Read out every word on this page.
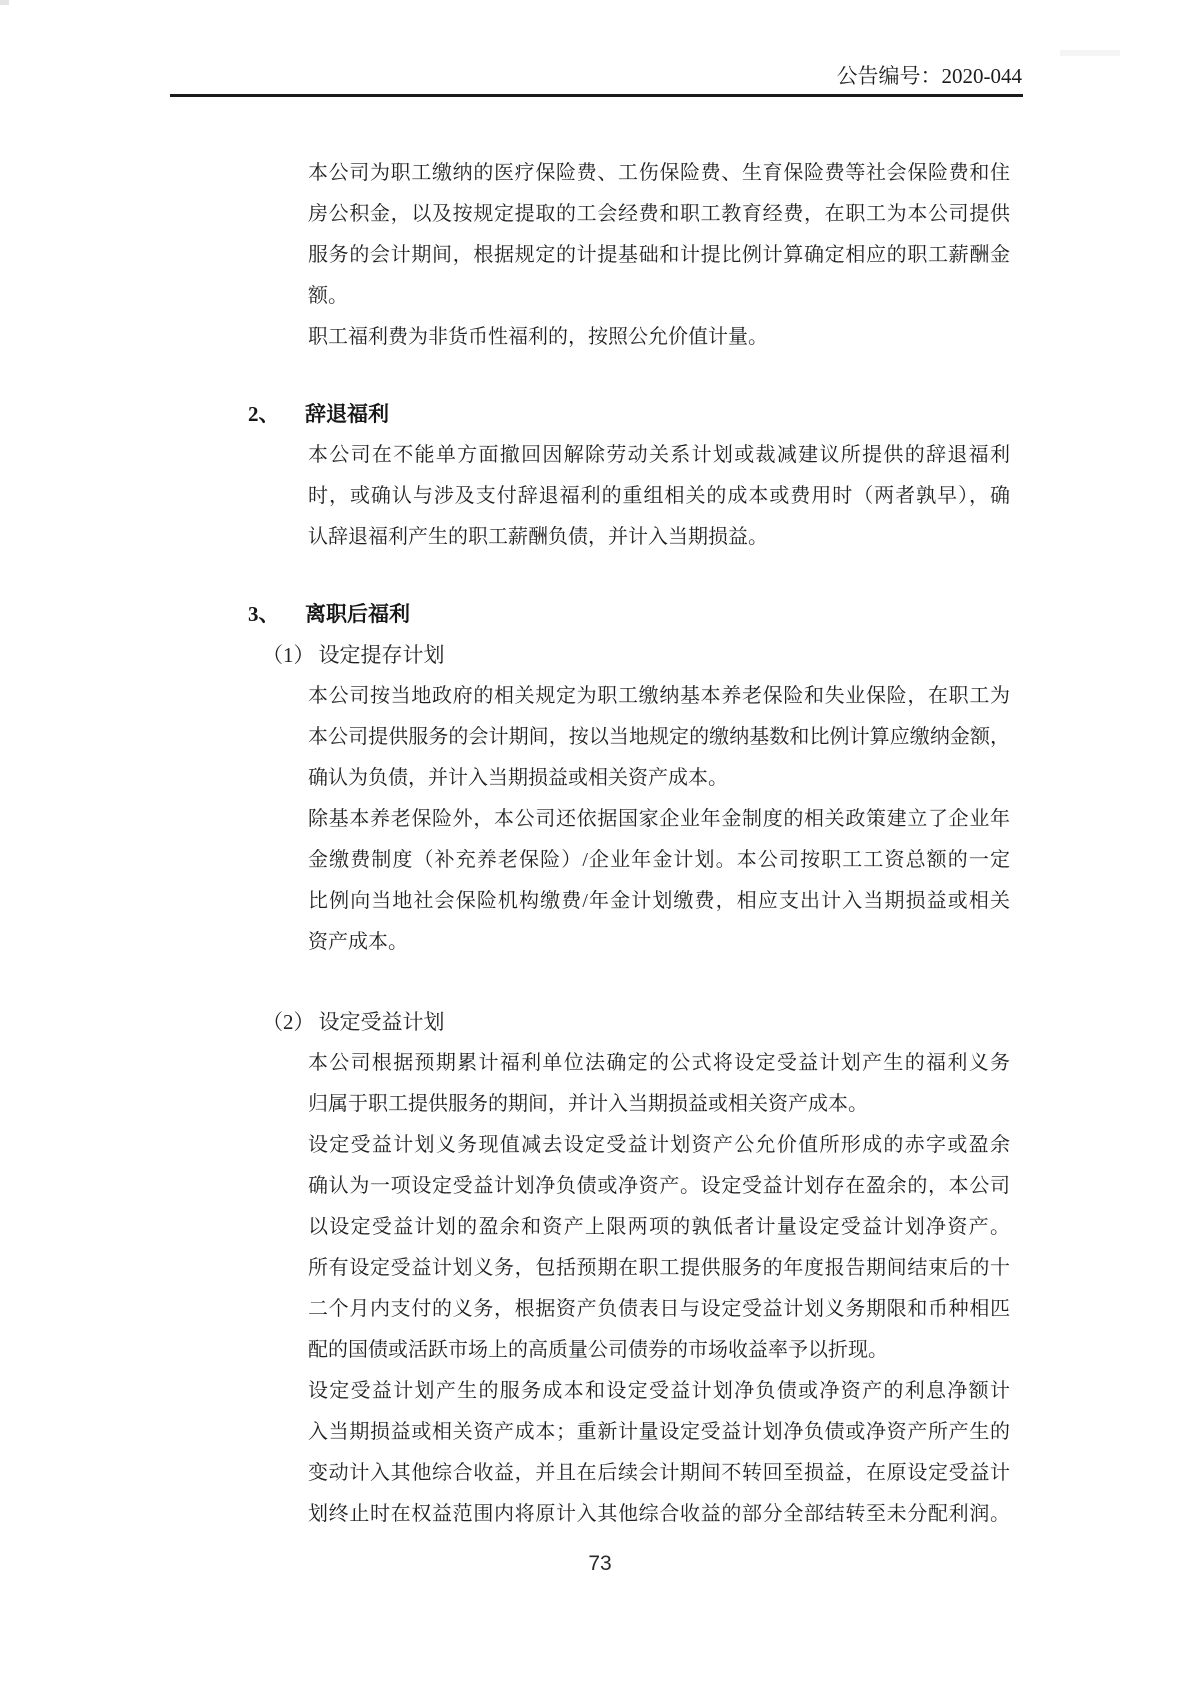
公告编号：2020-044
本公司为职工缴纳的医疗保险费、工伤保险费、生育保险费等社会保险费和住
房公积金，以及按规定提取的工会经费和职工教育经费，在职工为本公司提供
服务的会计期间，根据规定的计提基础和计提比例计算确定相应的职工薪酬金
额。
职工福利费为非货币性福利的，按照公允价值计量。
2、	辞退福利
本公司在不能单方面撤回因解除劳动关系计划或裁减建议所提供的辞退福利
时，或确认与涉及支付辞退福利的重组相关的成本或费用时（两者孰早），确
认辞退福利产生的职工薪酬负债，并计入当期损益。
3、	离职后福利
（1） 设定提存计划
本公司按当地政府的相关规定为职工缴纳基本养老保险和失业保险，在职工为
本公司提供服务的会计期间，按以当地规定的缴纳基数和比例计算应缴纳金额，
确认为负债，并计入当期损益或相关资产成本。
除基本养老保险外，本公司还依据国家企业年金制度的相关政策建立了企业年
金缴费制度（补充养老保险）/企业年金计划。本公司按职工工资总额的一定
比例向当地社会保险机构缴费/年金计划缴费，相应支出计入当期损益或相关
资产成本。
（2） 设定受益计划
本公司根据预期累计福利单位法确定的公式将设定受益计划产生的福利义务
归属于职工提供服务的期间，并计入当期损益或相关资产成本。
设定受益计划义务现值减去设定受益计划资产公允价值所形成的赤字或盈余
确认为一项设定受益计划净负债或净资产。设定受益计划存在盈余的，本公司
以设定受益计划的盈余和资产上限两项的孰低者计量设定受益计划净资产。
所有设定受益计划义务，包括预期在职工提供服务的年度报告期间结束后的十
二个月内支付的义务，根据资产负债表日与设定受益计划义务期限和币种相匹
配的国债或活跃市场上的高质量公司债券的市场收益率予以折现。
设定受益计划产生的服务成本和设定受益计划净负债或净资产的利息净额计
入当期损益或相关资产成本；重新计量设定受益计划净负债或净资产所产生的
变动计入其他综合收益，并且在后续会计期间不转回至损益，在原设定受益计
划终止时在权益范围内将原计入其他综合收益的部分全部结转至未分配利润。
73
